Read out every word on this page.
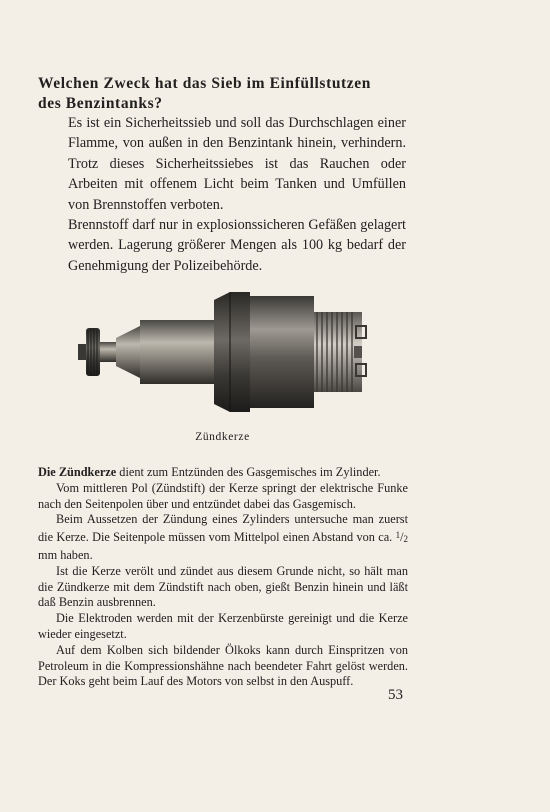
Welchen Zweck hat das Sieb im Einfüllstutzen
des Benzintanks?

Es ist ein Sicherheitssieb und soll das Durchschlagen einer Flamme, von außen in den Benzintank hinein, verhindern. Trotz dieses Sicherheitssiebes ist das Rauchen oder Arbeiten mit offenem Licht beim Tanken und Umfüllen von Brennstoffen verboten.

Brennstoff darf nur in explosionssicheren Gefäßen gelagert werden. Lagerung größerer Mengen als 100 kg bedarf der Genehmigung der Polizeibehörde.

Zündkerze

Die Zündkerze dient zum Entzünden des Gasgemisches im Zylinder.

Vom mittleren Pol (Zündstift) der Kerze springt der elektrische Funke nach den Seitenpolen über und entzündet dabei das Gasgemisch.

Beim Aussetzen der Zündung eines Zylinders untersuche man zuerst die Kerze. Die Seitenpole müssen vom Mittelpol einen Abstand von ca. $^1$/2 mm haben.

Ist die Kerze verölt und zündet aus diesem Grunde nicht, so hält man die Zündkerze mit dem Zündstift nach oben, gießt Benzin hinein und läßt daß Benzin ausbrennen.

Die Elektroden werden mit der Kerzenbürste gereinigt und die Kerze wieder eingesetzt.

Auf dem Kolben sich bildender Ölkoks kann durch Einspritzen von Petroleum in die Kompressionshähne nach beendeter Fahrt gelöst werden. Der Koks geht beim Lauf des Motors von selbst in den Auspuff.

53
